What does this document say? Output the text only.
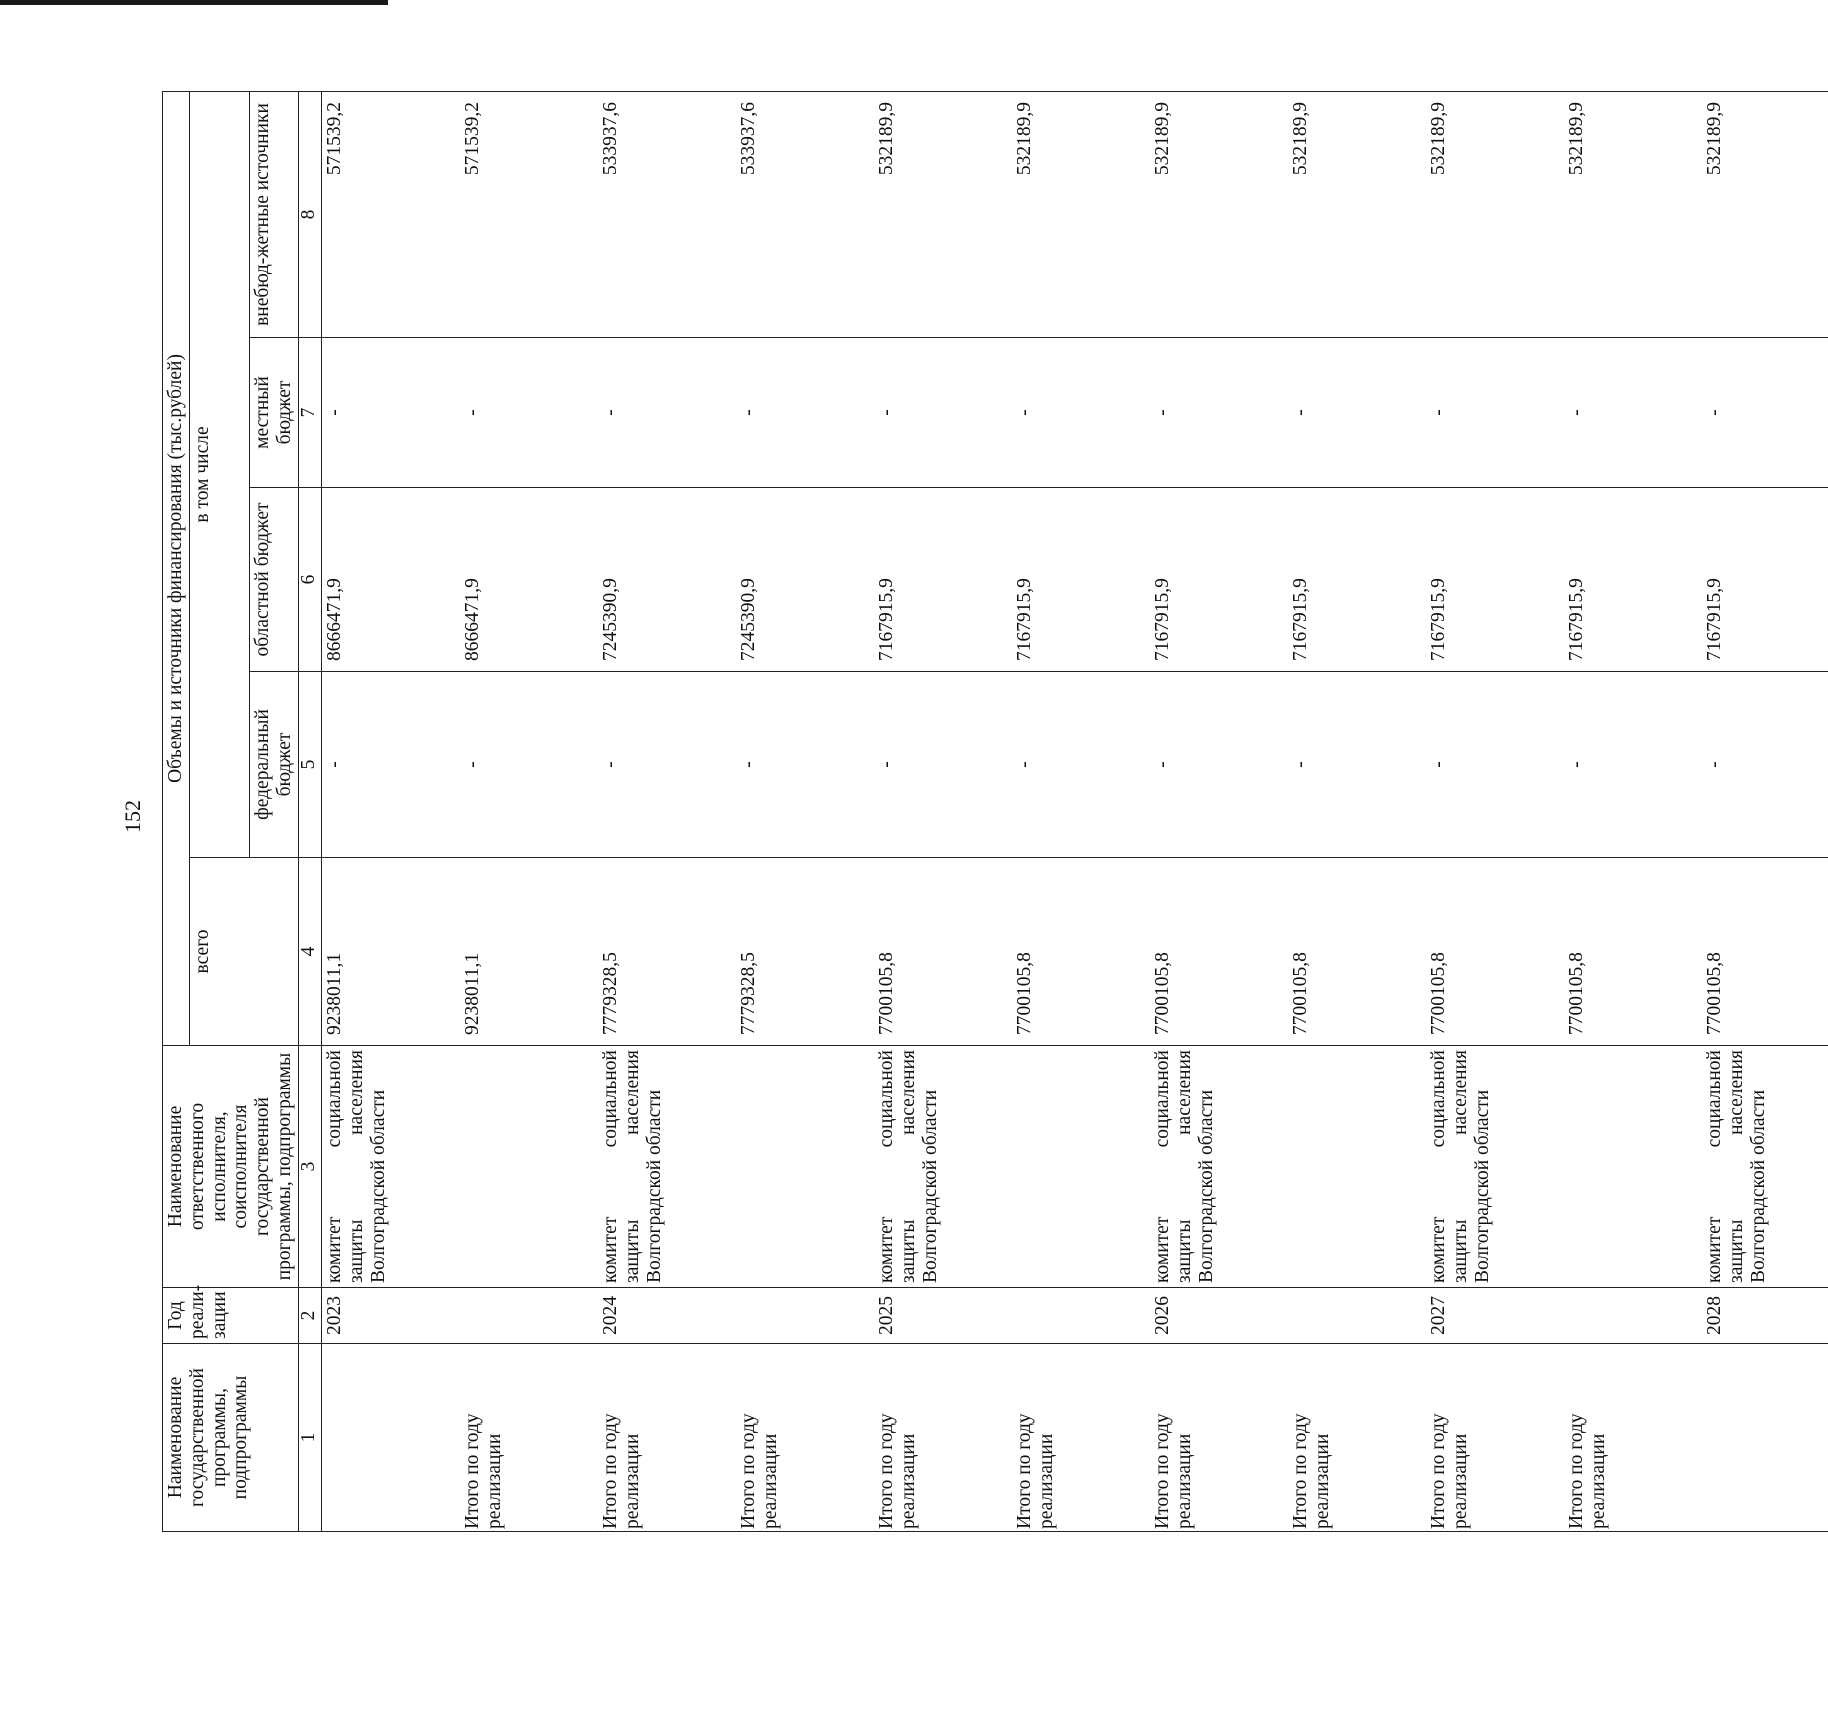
152
Наименование государственной программы, подпрограммы	Год реали-зации	Наименование ответственного исполнителя, соисполнителя государственной программы, подпрограммы	Объемы и источники финансирования (тыс.рублей)				
			всего	в том числе			
				федеральный бюджет	областной бюджет	местный бюджет	внебюд-жетные источники
1	2	3	4	5	6	7	8
	2023	комитет социальной защиты населения Волгоградской области	9238011,1	-	8666471,9	-	571539,2
Итого по году реализации			9238011,1	-	8666471,9	-	571539,2
Итого по году реализации	2024	комитет социальной защиты населения Волгоградской области	7779328,5	-	7245390,9	-	533937,6
Итого по году реализации			7779328,5	-	7245390,9	-	533937,6
Итого по году реализации	2025	комитет социальной защиты населения Волгоградской области	7700105,8	-	7167915,9	-	532189,9
Итого по году реализации			7700105,8	-	7167915,9	-	532189,9
Итого по году реализации	2026	комитет социальной защиты населения Волгоградской области	7700105,8	-	7167915,9	-	532189,9
Итого по году реализации			7700105,8	-	7167915,9	-	532189,9
Итого по году реализации	2027	комитет социальной защиты населения Волгоградской области	7700105,8	-	7167915,9	-	532189,9
Итого по году реализации			7700105,8	-	7167915,9	-	532189,9
	2028	комитет социальной защиты населения Волгоградской области	7700105,8	-	7167915,9	-	532189,9
